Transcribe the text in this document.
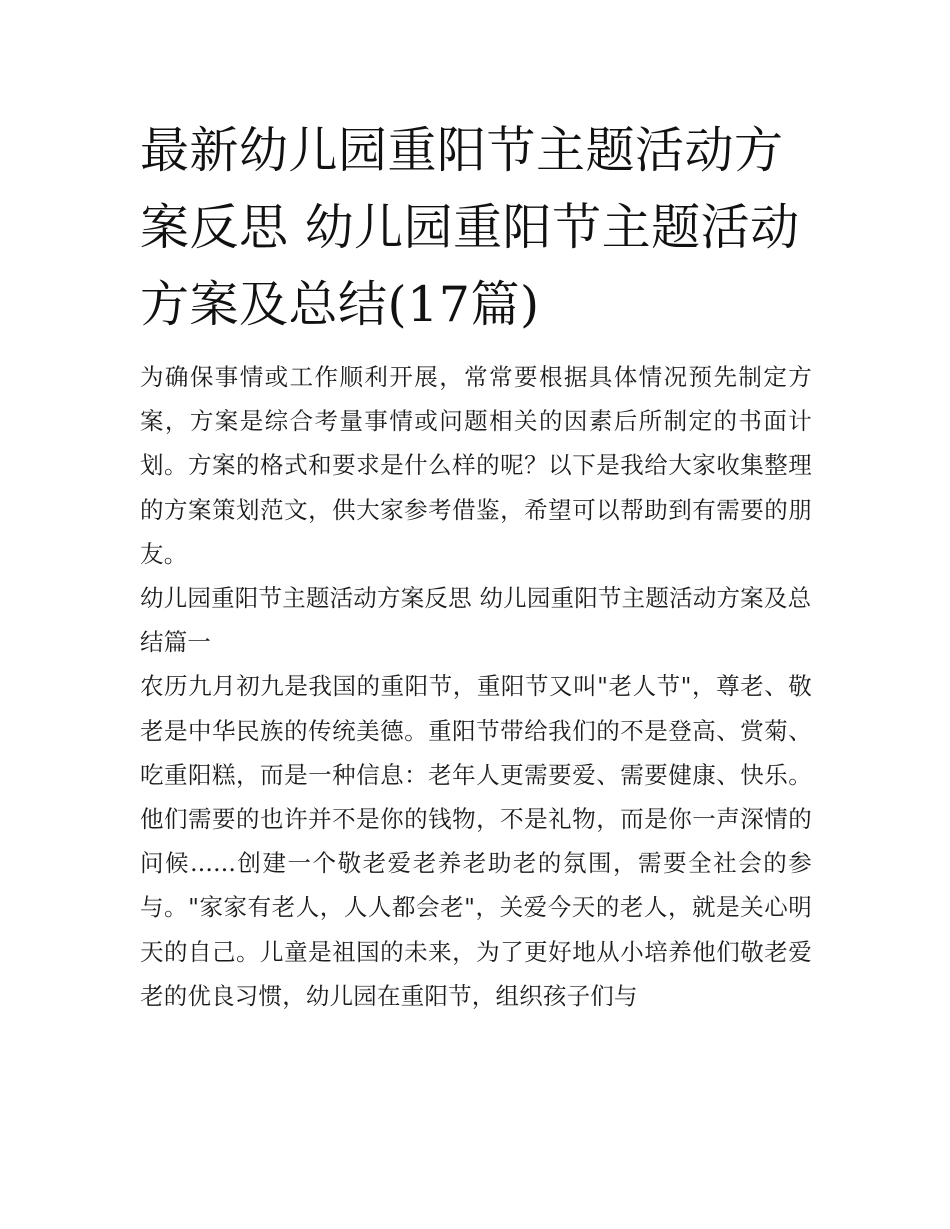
最新幼儿园重阳节主题活动方案反思 幼儿园重阳节主题活动方案及总结(17篇)

为确保事情或工作顺利开展，常常要根据具体情况预先制定方案，方案是综合考量事情或问题相关的因素后所制定的书面计划。方案的格式和要求是什么样的呢？以下是我给大家收集整理的方案策划范文，供大家参考借鉴，希望可以帮助到有需要的朋友。

幼儿园重阳节主题活动方案反思 幼儿园重阳节主题活动方案及总结篇一

农历九月初九是我国的重阳节，重阳节又叫"老人节"，尊老、敬老是中华民族的传统美德。重阳节带给我们的不是登高、赏菊、吃重阳糕，而是一种信息：老年人更需要爱、需要健康、快乐。他们需要的也许并不是你的钱物，不是礼物，而是你一声深情的问候......创建一个敬老爱老养老助老的氛围，需要全社会的参与。"家家有老人，人人都会老"，关爱今天的老人，就是关心明天的自己。儿童是祖国的未来，为了更好地从小培养他们敬老爱老的优良习惯，幼儿园在重阳节，组织孩子们与
